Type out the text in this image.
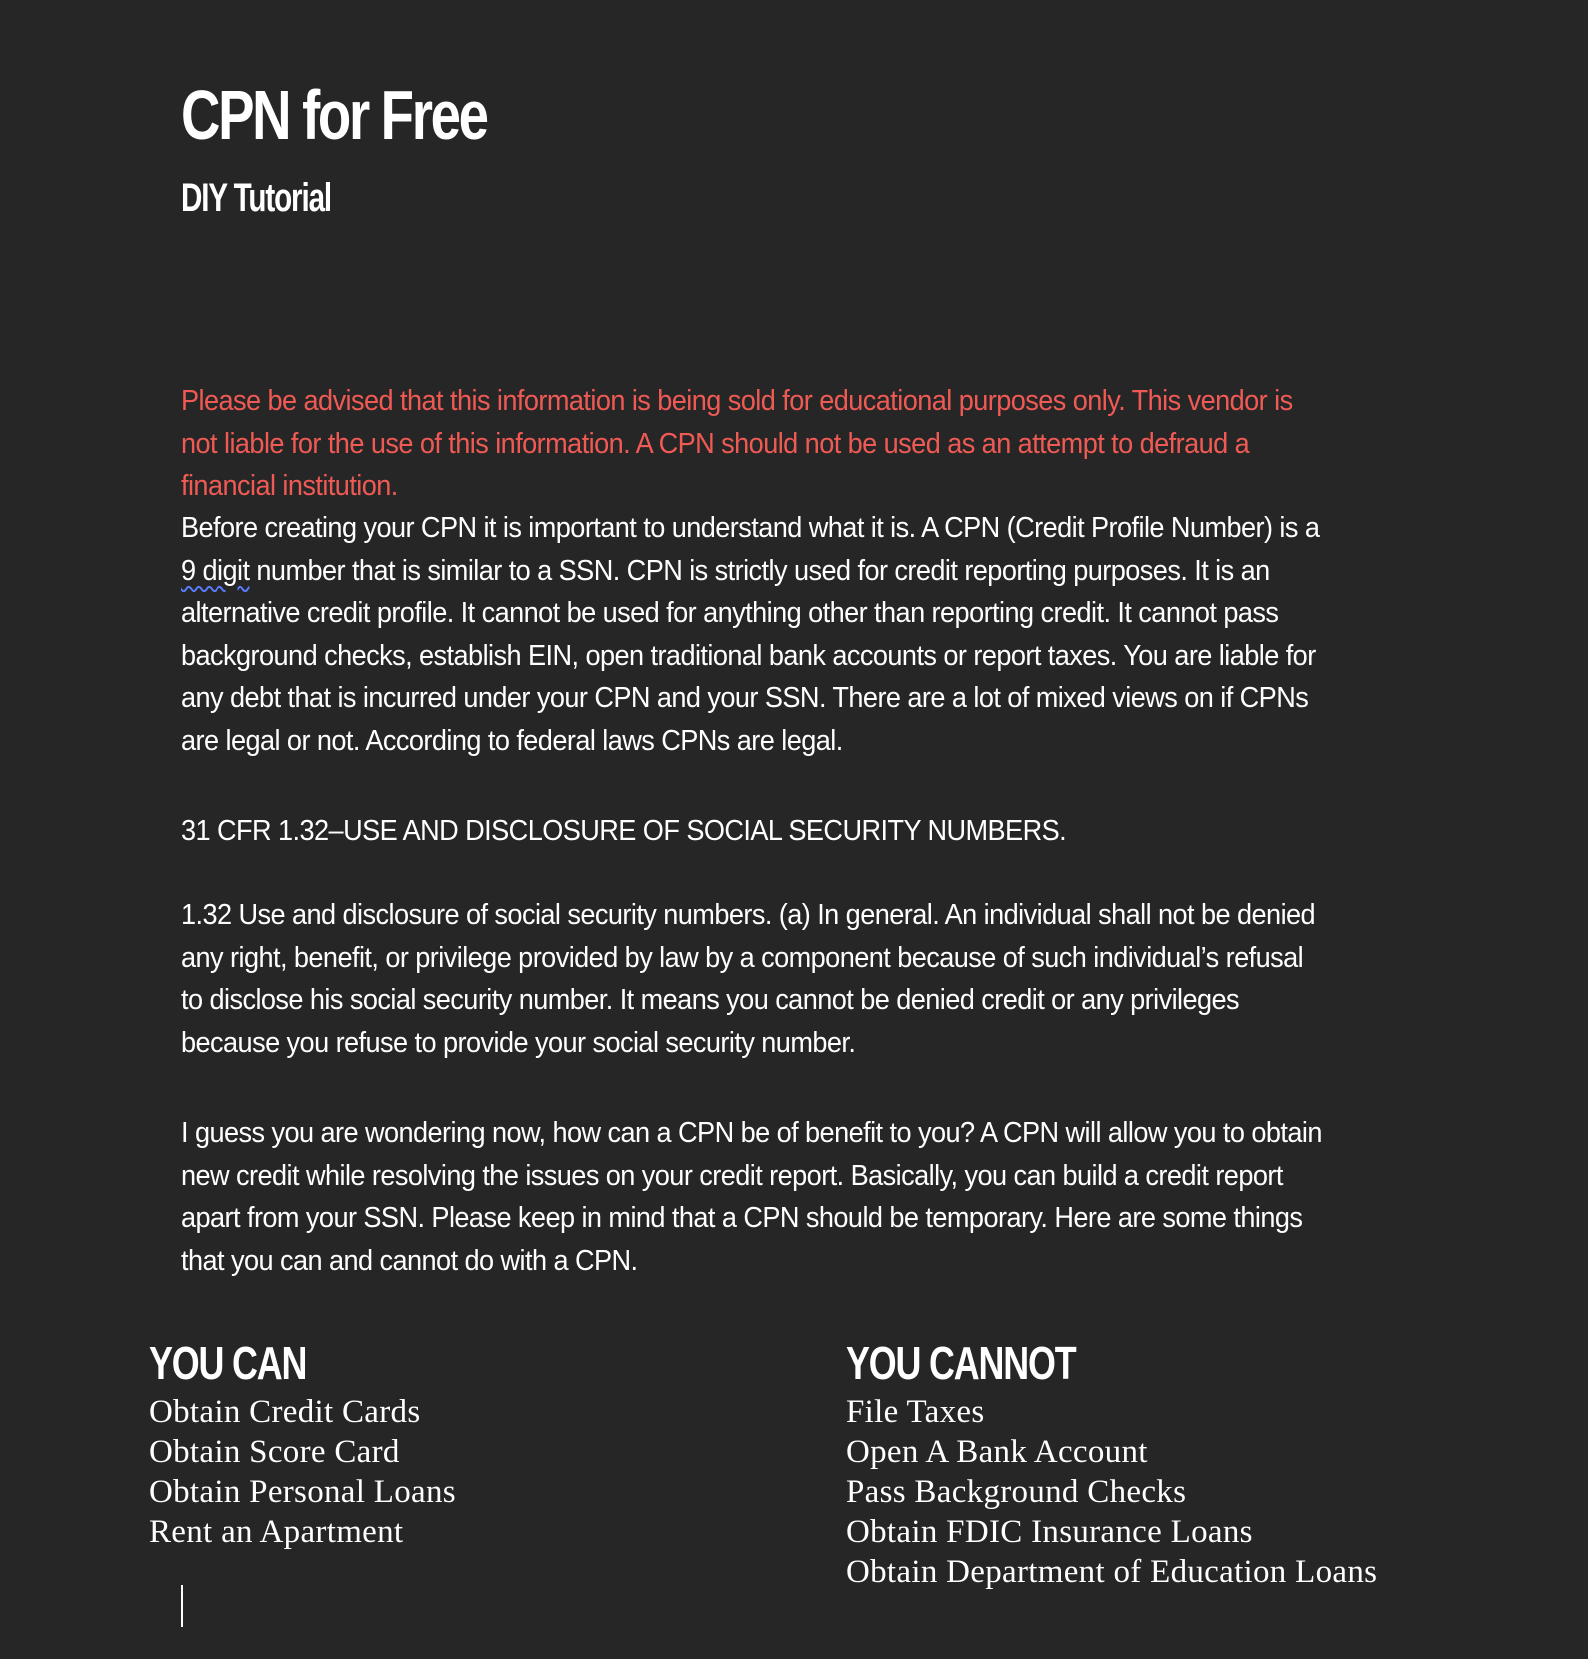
CPN for Free
DIY Tutorial
Please be advised that this information is being sold for educational purposes only. This vendor is not liable for the use of this information. A CPN should not be used as an attempt to defraud a financial institution.
Before creating your CPN it is important to understand what it is. A CPN (Credit Profile Number) is a 9 digit number that is similar to a SSN. CPN is strictly used for credit reporting purposes. It is an alternative credit profile. It cannot be used for anything other than reporting credit. It cannot pass background checks, establish EIN, open traditional bank accounts or report taxes. You are liable for any debt that is incurred under your CPN and your SSN. There are a lot of mixed views on if CPNs are legal or not. According to federal laws CPNs are legal.
31 CFR 1.32–USE AND DISCLOSURE OF SOCIAL SECURITY NUMBERS.
1.32 Use and disclosure of social security numbers. (a) In general. An individual shall not be denied any right, benefit, or privilege provided by law by a component because of such individual’s refusal to disclose his social security number. It means you cannot be denied credit or any privileges because you refuse to provide your social security number.
I guess you are wondering now, how can a CPN be of benefit to you? A CPN will allow you to obtain new credit while resolving the issues on your credit report. Basically, you can build a credit report apart from your SSN. Please keep in mind that a CPN should be temporary. Here are some things that you can and cannot do with a CPN.
YOU CAN
Obtain Credit Cards
Obtain Score Card
Obtain Personal Loans
Rent an Apartment
YOU CANNOT
File Taxes
Open A Bank Account
Pass Background Checks
Obtain FDIC Insurance Loans
Obtain Department of Education Loans
